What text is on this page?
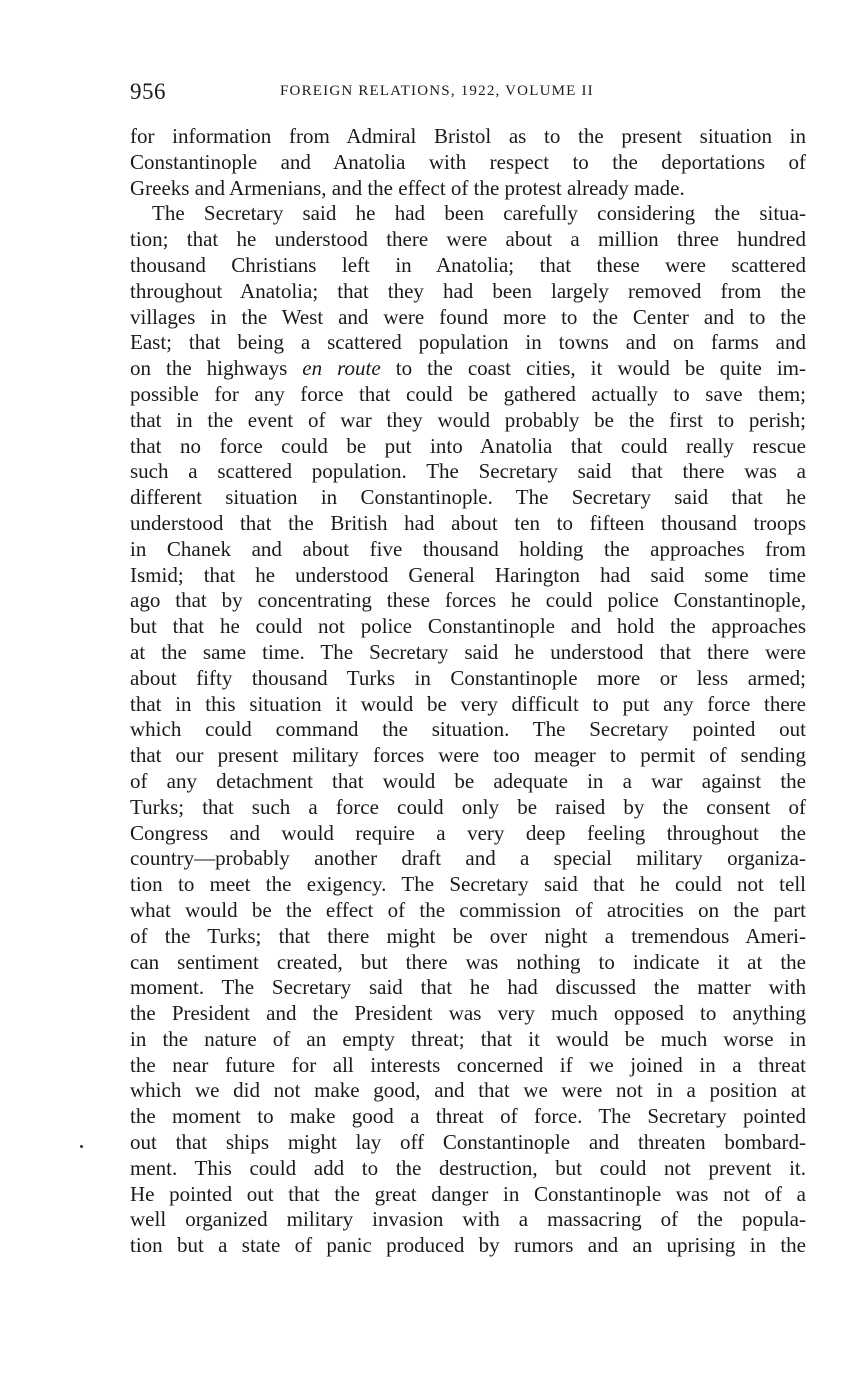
956	FOREIGN RELATIONS, 1922, VOLUME II
for information from Admiral Bristol as to the present situation in
Constantinople and Anatolia with respect to the deportations of
Greeks and Armenians, and the effect of the protest already made.
The Secretary said he had been carefully considering the situa-
tion; that he understood there were about a million three hundred
thousand Christians left in Anatolia; that these were scattered
throughout Anatolia; that they had been largely removed from the
villages in the West and were found more to the Center and to the
East; that being a scattered population in towns and on farms and
on the highways en route to the coast cities, it would be quite im-
possible for any force that could be gathered actually to save them;
that in the event of war they would probably be the first to perish;
that no force could be put into Anatolia that could really rescue
such a scattered population. The Secretary said that there was a
different situation in Constantinople. The Secretary said that he
understood that the British had about ten to fifteen thousand troops
in Chanek and about five thousand holding the approaches from
Ismid; that he understood General Harington had said some time
ago that by concentrating these forces he could police Constantinople,
but that he could not police Constantinople and hold the approaches
at the same time. The Secretary said he understood that there were
about fifty thousand Turks in Constantinople more or less armed;
that in this situation it would be very difficult to put any force there
which could command the situation. The Secretary pointed out
that our present military forces were too meager to permit of sending
of any detachment that would be adequate in a war against the
Turks; that such a force could only be raised by the consent of
Congress and would require a very deep feeling throughout the
country—probably another draft and a special military organiza-
tion to meet the exigency. The Secretary said that he could not tell
what would be the effect of the commission of atrocities on the part
of the Turks; that there might be over night a tremendous Ameri-
can sentiment created, but there was nothing to indicate it at the
moment. The Secretary said that he had discussed the matter with
the President and the President was very much opposed to anything
in the nature of an empty threat; that it would be much worse in
the near future for all interests concerned if we joined in a threat
which we did not make good, and that we were not in a position at
the moment to make good a threat of force. The Secretary pointed
out that ships might lay off Constantinople and threaten bombard-
ment. This could add to the destruction, but could not prevent it.
He pointed out that the great danger in Constantinople was not of a
well organized military invasion with a massacring of the popula-
tion but a state of panic produced by rumors and an uprising in the
